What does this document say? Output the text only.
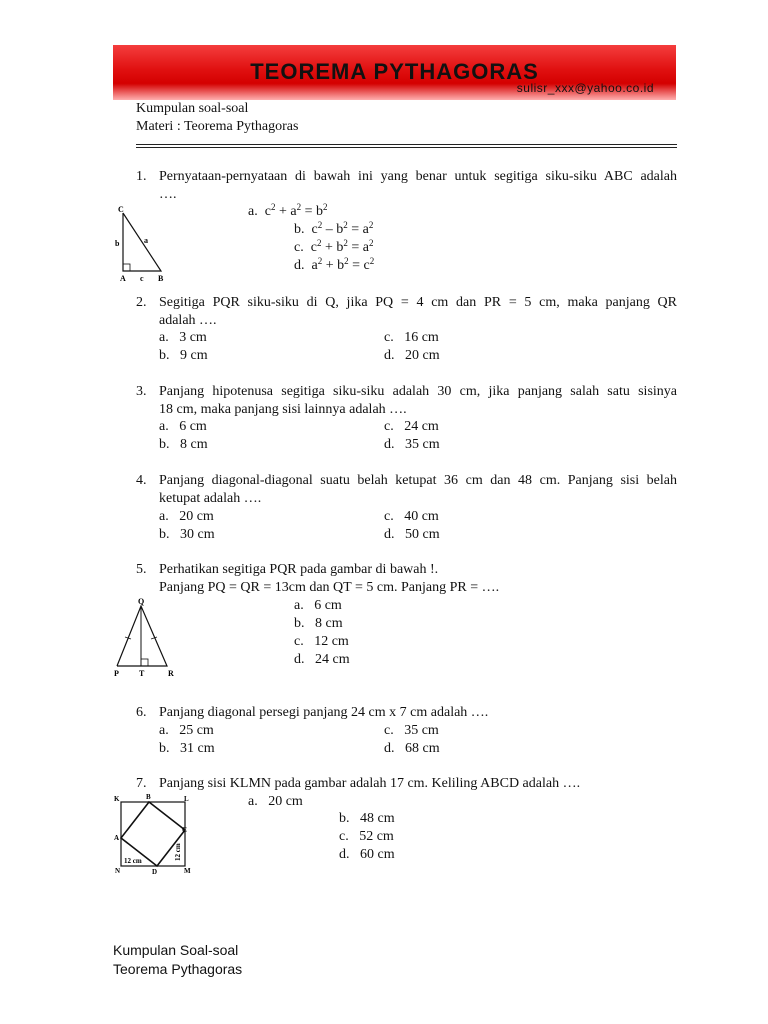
TEOREMA PYTHAGORAS
sulisr_xxx@yahoo.co.id
Kumpulan soal-soal
Materi : Teorema Pythagoras
1. Pernyataan-pernyataan di bawah ini yang benar untuk segitiga siku-siku ABC adalah
….
C
b	a
A c B
a. $c^2 + a^2 = b^2$
b. $c^2 - b^2 = a^2$
c. $c^2 + b^2 = a^2$
d. $a^2 + b^2 = c^2$
2. Segitiga PQR siku-siku di Q, jika PQ = 4 cm dan PR = 5 cm, maka panjang QR
adalah ….
a. 3 cm
b. 9 cm
c. 16 cm
d. 20 cm
3. Panjang hipotenusa segitiga siku-siku adalah 30 cm, jika panjang salah satu sisinya
18 cm, maka panjang sisi lainnya adalah ….
a. 6 cm
b. 8 cm
c. 24 cm
d. 35 cm
4. Panjang diagonal-diagonal suatu belah ketupat 36 cm dan 48 cm. Panjang sisi belah
ketupat adalah ….
a. 20 cm
b. 30 cm
c. 40 cm
d. 50 cm
5. Perhatikan segitiga PQR pada gambar di bawah !.
Panjang PQ = QR = 13cm dan QT = 5 cm. Panjang PR = ….
Q
P	T	R
a. 6 cm
b. 8 cm
c. 12 cm
d. 24 cm
6. Panjang diagonal persegi panjang 24 cm x 7 cm adalah ….
a. 25 cm
b. 31 cm
c. 35 cm
d. 68 cm
7. Panjang sisi KLMN pada gambar adalah 17 cm. Keliling ABCD adalah ….
K	B	L
A
C
N	D	M
12 cm	12 cm
a. 20 cm
b. 48 cm
c. 52 cm
d. 60 cm
Kumpulan Soal-soal
Teorema Pythagoras
